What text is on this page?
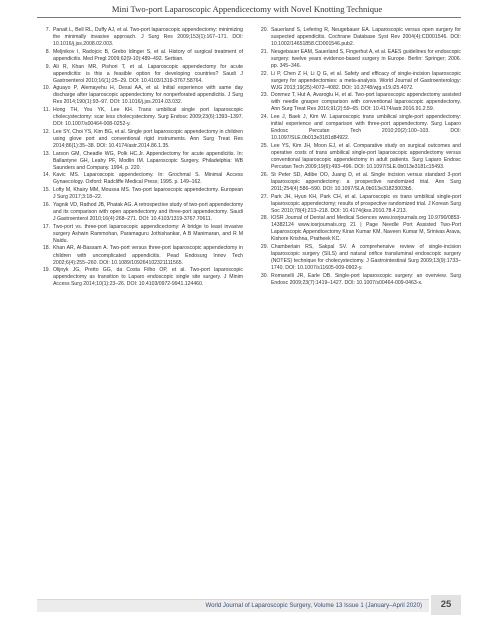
Mini Two-port Laparoscopic Appendicectomy with Novel Knotting Technique
7. Panait L, Bell RL, Duffy AJ, et al. Two-port laparoscopic appendectomy: minimizing the minimally invasive approach. J Surg Res 2009;153(1):167–171. DOI: 10.1016/j.jss.2008.02.003.
8. Meljnikov I, Radojcic B, Grebo ldinger S, et al. History of surgical treatment of appendicitis. Med Pregl 2009;62(9-10):489–492. Serbian.
9. Ali R, Khan MR, Pishori T, et al. Laparoscopic appendectomy for acute appendicitis: is this a feasible option for developing countries? Saudi J Gastroenterol 2010;16(1):25–29. DOI: 10.4103/1319-3767.58764.
10. Aguayo P, Alemayehu H, Desai AA, et al. Initial experience with same day discharge after laparoscopic appendectomy for nonperforated appendicitis. J Surg Res 2014;190(1):93–97. DOI: 10.1016/j.jss.2014.03.032.
11. Hong TH, You YK, Lee KH. Trans umbilical single port laparoscopic cholecystectomy: scar less cholecystectomy. Surg Endosc 2009;23(6):1393–1397. DOI: 10.1007/s00464-008-0252-y.
12. Lee SY, Choi YS, Kim BG, et al. Single port laparoscopic appendectomy in children using glove port and conventional rigid instruments. Ann Surg Treat Res 2014;86(1):35–38. DOI: 10.4174/astr.2014.86.1.35.
13. Larson GM, Cheadle WG, Polk HC.Jr. Appendectomy for acute appendicitis. In: Ballantyne GH, Leahy PF, Modlin IM. Laparoscopic Surgery. Philadelphia: WB Saunders and Company. 1994. p. 220.
14. Kavic MS. Laparoscopic appendectomy. In: Grochmal S. Minimal Access Gynaecology. Oxford: Radcliffe Medical Press; 1995. p. 149–162.
15. Lofty M, Khairy MM, Moussa MS. Two-port laparoscopic appendectomy. European J Surg 2017;3:18–22.
16. Yagnik VD, Rathod JB, Phatak AG. A retrospective study of two-port appendectomy and its comparison with open appendectomy and three-port appendectomy. Saudi J Gastroenterol 2010;16(4):268–271. DOI: 10.4103/1319-3767.70611.
17. Two-port vs. three-port laparoscopic appendicectomy: A bridge to least invasive surgery Ashwin Rammohan, Paramaguru Jothishankar, A B Manimaran, and R M Naidu.
18. Khan AR, Al-Bassam A. Two-port versus three-port laparoscopic appendectomy in children with uncomplicated appendicitis. Pead Endosurg Innov Tech 2002;6(4):255–260. DOI: 10.1089/109264102321111565.
19. Olijnyk JG, Pretto GG, da Costa Filho OP, et al. Two-port laparoscopic appendectomy as transition to Laparo endoscopic single site surgery. J Minim Access Surg 2014;10(1):23–26. DOI: 10.4103/0972-9941.124460.
20. Sauerland S, Lefering R, Neugebauer EA. Laparoscopic versus open surgery for suspected appendicitis. Cochrane Database Syst Rev 2004(4):CD001546. DOI: 10.1002/14651858.CD001546.pub2.
21. Neugebauer EAM, Sauerland S, Fingerhut A, et al. EAES guidelines for endoscopic surgery: twelve years evidence-based surgery in Europe. Berlin: Springer; 2006. pp. 345–346.
22. Li P, Chen Z H, Li Q G, et al. Safety and efficacy of single-incision laparoscopic surgery for appendectomies: a meta-analysis. World Journal of Gastroenterology: WJG 2013;19(25):4072–4082. DOI: 10.3748/wjg.v19.i25.4072.
23. Donmez T, Hut A, Avaroglu H, et al. Two-port laparoscopic appendectomy assisted with needle grasper comparison with conventional laparoscopic appendectomy. Ann Surg Treat Res 2016;91(2):59–65. DOI: 10.4174/astr.2016.91.2.59.
24. Lee J, Baek J, Kim W. Laparoscopic trans umbilical single-port appendectomy: initial experience and comparison with three-port appendectomy. Surg Laparo Endosc Percutan Tech 2010;20(2):100–103. DOI: 10.1097/SLE.0b013e3181d84922.
25. Lee YS, Kim JH, Moon EJ, et al. Comparative study on surgical outcomes and operative costs of trans umbilical single-port laparoscopic appendectomy versus conventional laparoscopic appendectomy in adult patients. Surg Laparo Endosc Percutan Tech 2009;19(6):493–496. DOI: 10.1097/SLE.0b013e3181c15493.
26. St Peter SD, Adibe OO, Juang D, et al. Single incision versus standard 3-port laparoscopic appendectomy: a prospective randomized trial. Ann Surg 2011;254(4):586–590. DOI: 10.1097/SLA.0b013e31823003b5.
27. Park JH, Hyun KH, Park CH, et al. Laparoscopic vs trans umbilical single-port laparoscopic appendectomy; results of prospective randomized trial. J Korean Surg Soc 2010;78(4):213–218. DOI: 10.4174/jkss.2010.78.4.213.
28. IOSR Journal of Dental and Medical Sciences www.iosrjournals.org 10.9790/0853-14382124 www.iosrjournals.org 21 | Page Needle Port Assisted Two-Port Laparoscopic Appendicectomy Kiran Kumar KM, Naveen Kumar M, Srinivas Arava, Kishore Krishna, Pratheek KC.
29. Chamberlain RS, Sakpal SV. A comprehensive review of single-incision laparoscopic surgery (SILS) and natural orifice transluminal endoscopic surgery (NOTES) technique for cholecystectomy. J Gastrointestinal Surg 2009;13(9):1733–1740. DOI: 10.1007/s11605-009-0902-y.
30. Romanelli JR, Earle DB. Single-port laparoscopic surgery: an overview. Surg Endosc 2009;23(7):1419–1427. DOI: 10.1007/s00464-009-0463-x.
World Journal of Laparoscopic Surgery, Volume 13 Issue 1 (January–April 2020)	25
